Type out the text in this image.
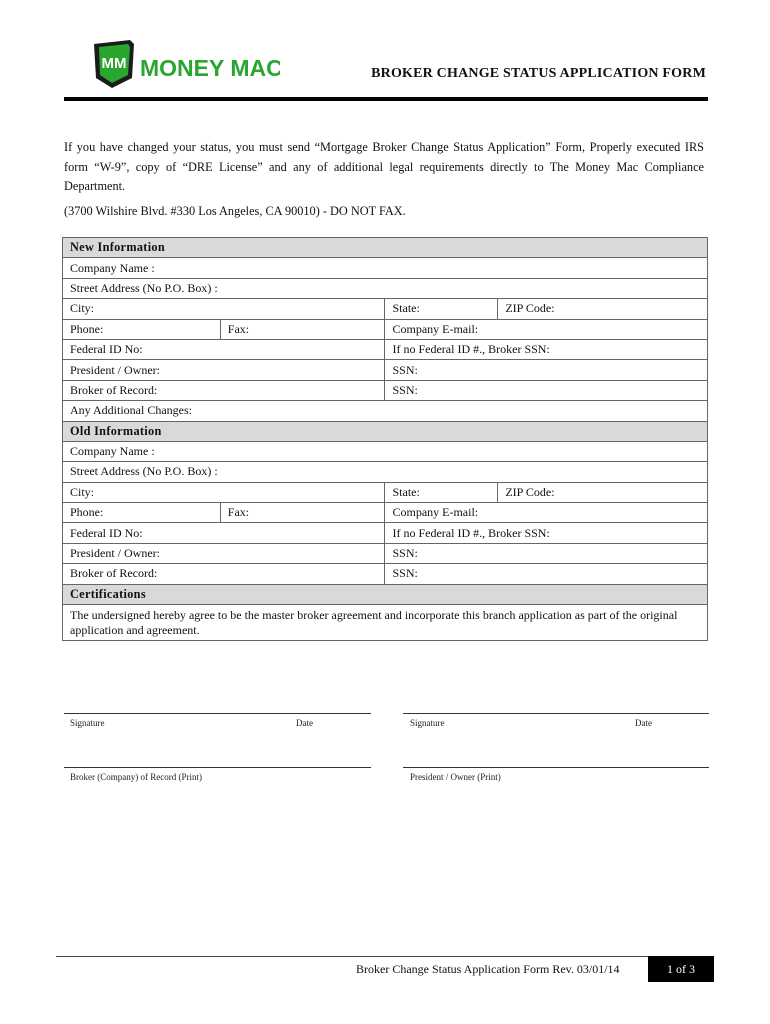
MM MONEY MAC	BROKER CHANGE STATUS APPLICATION FORM
If you have changed your status, you must send “Mortgage Broker Change Status Application” Form, Properly executed IRS form “W-9”, copy of “DRE License” and any of additional legal requirements directly to The Money Mac Compliance Department.
(3700 Wilshire Blvd. #330 Los Angeles, CA 90010) - DO NOT FAX.
New Information			
Company Name :			
Street Address (No P.O. Box) :			
City:		State:	ZIP Code:
Phone:	Fax:	Company E-mail:	
Federal ID No:		If no Federal ID #., Broker SSN:	
President / Owner:		SSN:	
Broker of Record:		SSN:	
Any Additional Changes:			
Old Information			
Company Name :			
Street Address (No P.O. Box) :			
City:		State:	ZIP Code:
Phone:	Fax:	Company E-mail:	
Federal ID No:		If no Federal ID #., Broker SSN:	
President / Owner:		SSN:	
Broker of Record:		SSN:	
Certifications			
The undersigned hereby agree to be the master broker agreement and incorporate this branch application as part of the original application and agreement.			
Signature	Date	Signature	Date
Broker (Company) of Record (Print)	President / Owner (Print)
Broker Change Status Application Form Rev. 03/01/14	1 of 3
